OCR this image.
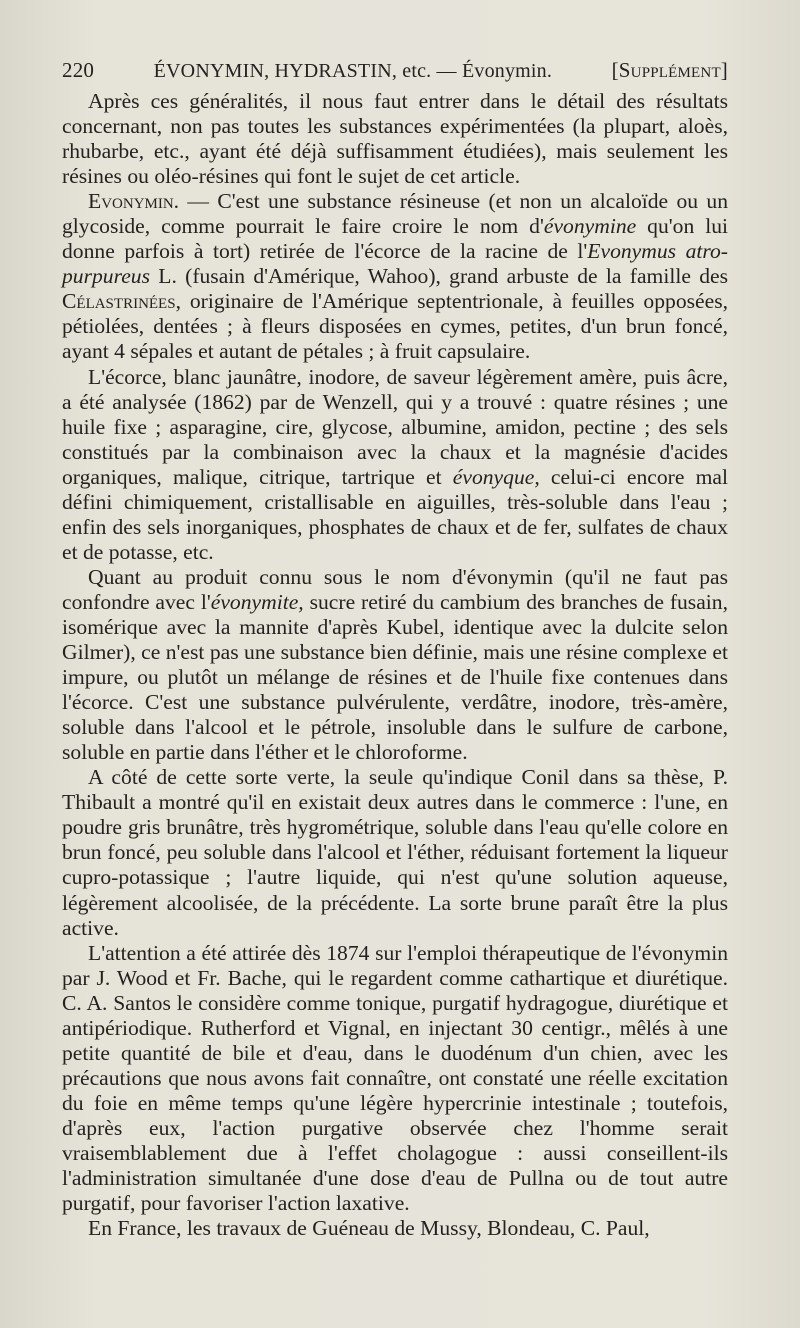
220	ÉVONYMIN, HYDRASTIN, etc. — Évonymin.	[Supplément]

Après ces généralités, il nous faut entrer dans le détail des résultats concernant, non pas toutes les substances expérimentées (la plupart, aloès, rhubarbe, etc., ayant été déjà suffisamment étudiées), mais seulement les résines ou oléo-résines qui font le sujet de cet article.

Evonymin. — C'est une substance résineuse (et non un alcaloïde ou un glycoside, comme pourrait le faire croire le nom d'évonymine qu'on lui donne parfois à tort) retirée de l'écorce de la racine de l'Evonymus atro-purpureus L. (fusain d'Amérique, Wahoo), grand arbuste de la famille des Célastrinées, originaire de l'Amérique septentrionale, à feuilles opposées, pétiolées, dentées ; à fleurs disposées en cymes, petites, d'un brun foncé, ayant 4 sépales et autant de pétales ; à fruit capsulaire.

L'écorce, blanc jaunâtre, inodore, de saveur légèrement amère, puis âcre, a été analysée (1862) par de Wenzell, qui y a trouvé : quatre résines ; une huile fixe ; asparagine, cire, glycose, albumine, amidon, pectine ; des sels constitués par la combinaison avec la chaux et la magnésie d'acides organiques, malique, citrique, tartrique et évonyque, celui-ci encore mal défini chimiquement, cristallisable en aiguilles, très-soluble dans l'eau ; enfin des sels inorganiques, phosphates de chaux et de fer, sulfates de chaux et de potasse, etc.

Quant au produit connu sous le nom d'évonymin (qu'il ne faut pas confondre avec l'évonymite, sucre retiré du cambium des branches de fusain, isomérique avec la mannite d'après Kubel, identique avec la dulcite selon Gilmer), ce n'est pas une substance bien définie, mais une résine complexe et impure, ou plutôt un mélange de résines et de l'huile fixe contenues dans l'écorce. C'est une substance pulvérulente, verdâtre, inodore, très-amère, soluble dans l'alcool et le pétrole, insoluble dans le sulfure de carbone, soluble en partie dans l'éther et le chloroforme.

A côté de cette sorte verte, la seule qu'indique Conil dans sa thèse, P. Thibault a montré qu'il en existait deux autres dans le commerce : l'une, en poudre gris brunâtre, très hygrométrique, soluble dans l'eau qu'elle colore en brun foncé, peu soluble dans l'alcool et l'éther, réduisant fortement la liqueur cupro-potassique ; l'autre liquide, qui n'est qu'une solution aqueuse, légèrement alcoolisée, de la précédente. La sorte brune paraît être la plus active.

L'attention a été attirée dès 1874 sur l'emploi thérapeutique de l'évonymin par J. Wood et Fr. Bache, qui le regardent comme cathartique et diurétique. C. A. Santos le considère comme tonique, purgatif hydragogue, diurétique et antipériodique. Rutherford et Vignal, en injectant 30 centigr., mêlés à une petite quantité de bile et d'eau, dans le duodénum d'un chien, avec les précautions que nous avons fait connaître, ont constaté une réelle excitation du foie en même temps qu'une légère hypercrinie intestinale ; toutefois, d'après eux, l'action purgative observée chez l'homme serait vraisemblablement due à l'effet cholagogue : aussi conseillent-ils l'administration simultanée d'une dose d'eau de Pullna ou de tout autre purgatif, pour favoriser l'action laxative.

En France, les travaux de Guéneau de Mussy, Blondeau, C. Paul,
